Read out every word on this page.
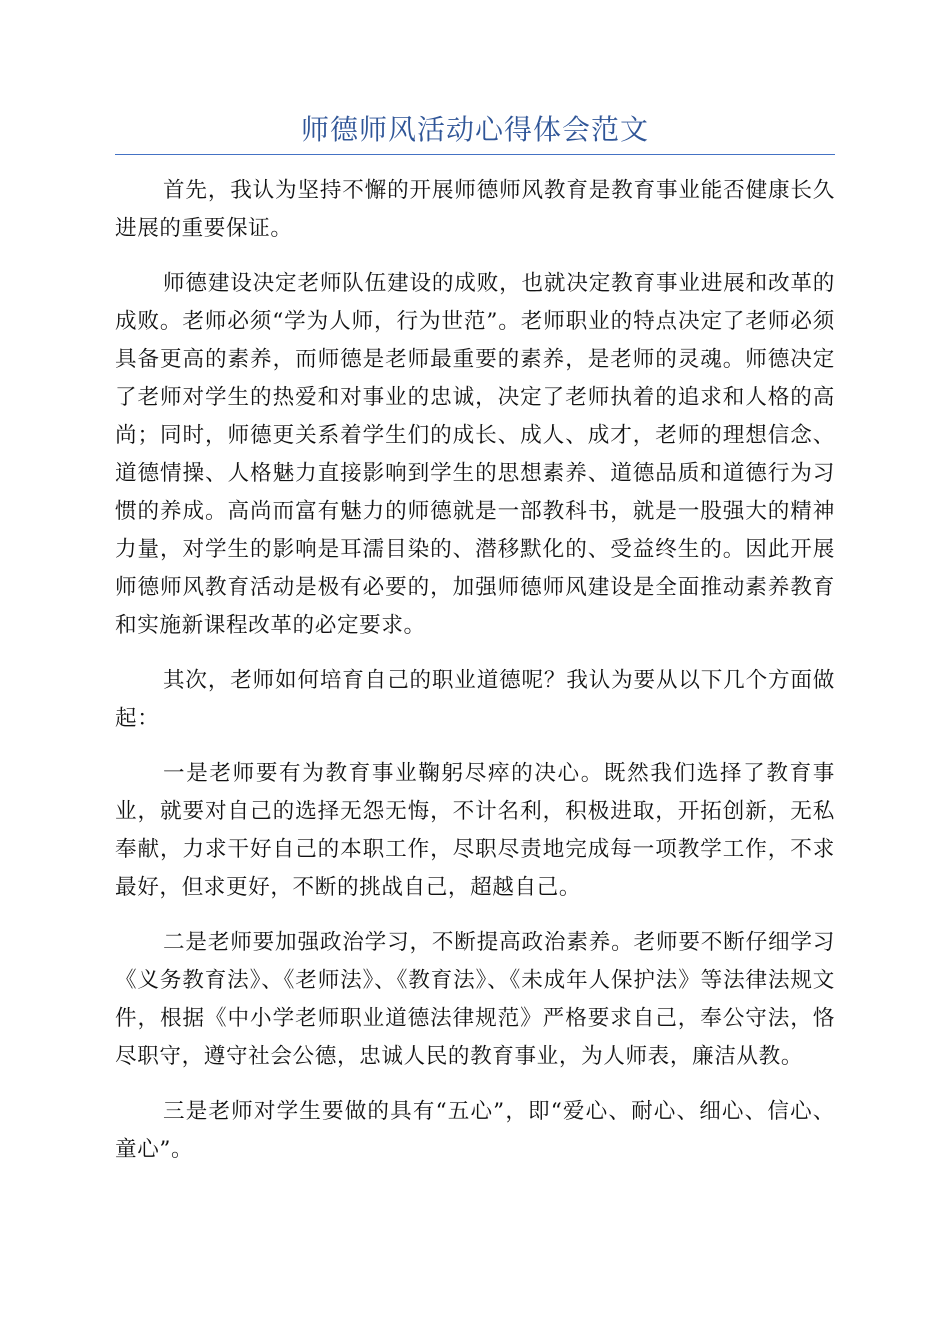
师德师风活动心得体会范文

首先，我认为坚持不懈的开展师德师风教育是教育事业能否健康长久进展的重要保证。

师德建设决定老师队伍建设的成败，也就决定教育事业进展和改革的成败。老师必须“学为人师，行为世范”。老师职业的特点决定了老师必须具备更高的素养，而师德是老师最重要的素养，是老师的灵魂。师德决定了老师对学生的热爱和对事业的忠诚，决定了老师执着的追求和人格的高尚；同时，师德更关系着学生们的成长、成人、成才，老师的理想信念、道德情操、人格魅力直接影响到学生的思想素养、道德品质和道德行为习惯的养成。高尚而富有魅力的师德就是一部教科书，就是一股强大的精神力量，对学生的影响是耳濡目染的、潜移默化的、受益终生的。因此开展师德师风教育活动是极有必要的，加强师德师风建设是全面推动素养教育和实施新课程改革的必定要求。

其次，老师如何培育自己的职业道德呢？我认为要从以下几个方面做起：

一是老师要有为教育事业鞠躬尽瘁的决心。既然我们选择了教育事业，就要对自己的选择无怨无悔，不计名利，积极进取，开拓创新，无私奉献，力求干好自己的本职工作，尽职尽责地完成每一项教学工作，不求最好，但求更好，不断的挑战自己，超越自己。

二是老师要加强政治学习，不断提高政治素养。老师要不断仔细学习《义务教育法》、《老师法》、《教育法》、《未成年人保护法》等法律法规文件，根据《中小学老师职业道德法律规范》严格要求自己，奉公守法，恪尽职守，遵守社会公德，忠诚人民的教育事业，为人师表，廉洁从教。

三是老师对学生要做的具有“五心”，即“爱心、耐心、细心、信心、童心”。
